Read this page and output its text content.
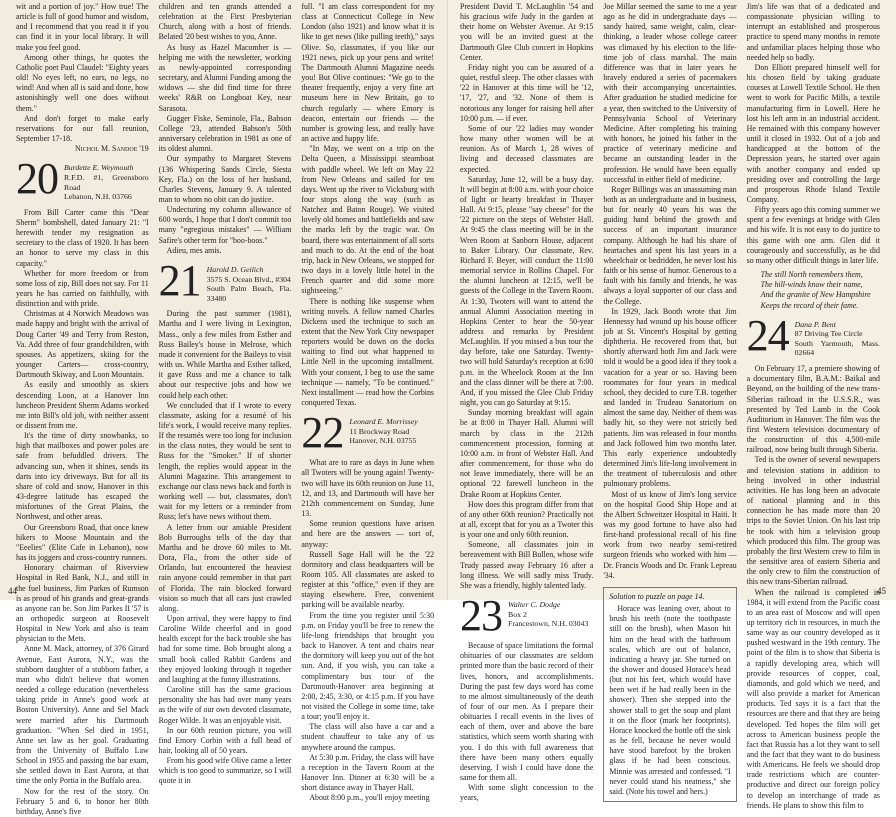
wit and a portion of joy." How true! The article is full of good humor and wisdom, and I recommend that you read it if you can find it in your local library. It will make you feel good.

Among other things, he quotes the Catholic poet Paul Claudel: "Eighty years old! No eyes left, no ears, no legs, no wind! And when all is said and done, how astonishingly well one does without them."

And don't forget to make early reservations for our fall reunion, September 17-18.

Nichol M. Sandoe '19
20 Burdette E. Weymouth
R.F.D. #1, Greensboro Road
Lebanon, N.H. 03766

From Bill Carter came this "Dear Sherm" bombshell, dated January 21: "I herewith tender my resignation as secretary to the class of 1920. It has been an honor to serve my class in this capacity."

Whether for more freedom or from some loss of zip, Bill does not say. For 11 years he has carried on faithfully, with distinction and with pride.

Christmas at 4 Norwich Meadows was made happy and bright with the arrival of Doug Carter '49 and Terry from Reston, Va. Add three of four grandchildren, with spouses. As appetizers, skiing for the younger Carters— cross-country, Dartmouth Skiway, and Loon Mountain.

As easily and smoothly as skiers descending Loon, at a Hanover Inn luncheon President Sherm Adams worked me into Bill's old job, with neither assent or dissent from me.

It's the time of dirty snowbanks, so high that mailboxes and power poles are safe from befuddled drivers. The advancing sun, when it shines, sends its darts into icy driveways. But for all its share of cold and snow, Hanover in this 43-degree latitude has escaped the misfortunes of the Great Plains, the Northwest, and other areas.

Our Greensboro Road, that once knew hikers to Moose Mountain and the "Eeelies" (Elite Cafe in Lebanon), now has its joggers and cross-country runners.

Honorary chairman of Riverview Hospital in Red Bank, N.J., and still in the fuel business, Jim Parkes of Rumson is as proud of his grands and great-grands as anyone can be. Son Jim Parkes II '57 is an orthopedic surgeon at Roosevelt Hospital in New York and also is team physician to the Mets.

Anne M. Mack, attorney, of 376 Girard Avenue, East Aurora, N.Y., was the stubborn daughter of a stubborn father, a man who didn't believe that women needed a college education (nevertheless taking pride in Anne's good work at Boston University). Anne and Sel Mack were married after his Dartmouth graduation. "When Sel died in 1951, Anne set law as her goal. Graduating from the University of Buffalo Law School in 1955 and passing the bar exam, she settled down in East Aurora, at that time the only Portia in the Buffalo area.

Now for the rest of the story. On February 5 and 6, to honor her 80th birthday, Anne's five

children and ten grands attended a celebration at the First Presbyterian Church, along with a host of friends. Belated '20 best wishes to you, Anne.

As busy as Hazel Macomber is — helping me with the newsletter, working as newly-appointed corresponding secretary, and Alumni Funding among the widows — she did find time for three weeks' R&R on Longboat Key, near Sarasota.

Gugger Fiske, Seminole, Fla., Babson College '23, attended Babson's 50th anniversary celebration in 1981 as one of its oldest alumni.

Our sympathy to Margaret Stevens (136 Whispering Sands Circle, Siesta Key, Fla.) on the loss of her husband, Charles Stevens, January 9. A talented man to whom no obit can do justice.

Undecturing my column allowance of 600 words, I hope that I don't commit too many "egregious mistakes" — William Safire's other term for "boo-boos."

Adieu, mes amis.

21 Harold D. Geilich
3575 S. Ocean Blvd., #304
South Palm Beach, Fla. 33480

During the past summer (1981), Martha and I were living in Lexington, Mass., only a few miles from Esther and Russ Bailey's house in Melrose, which made it convenient for the Baileys to visit with us. While Martha and Esther talked, it gave Russ and me a chance to talk about our respective jobs and how we could help each other.

We concluded that if I wrote to every classmate, asking for a resumé of his life's work, I would receive many replies. If the resumés were too long for inclusion in the class notes, they would be sent to Russ for the "Smoker." If of shorter length, the replies would appear in the Alumni Magazine. This arrangement to exchange our class news back and forth is working well — but, classmates, don't wait for my letters or a reminder from Russ; let's have news without them.

A letter from our amiable President Bob Burroughs tells of the day that Martha and he drove 60 miles to Mt. Dora, Fla., from the other side of Orlando, but encountered the heaviest rain anyone could remember in that part of Florida. The rain blocked forward vision so much that all cars just crawled along.

Upon arrival, they were happy to find Caroline Wilde cheerful and in good health except for the back trouble she has had for some time. Bob brought along a small book called Rabbit Gardens and they enjoyed looking through it together and laughing at the funny illustrations.

Caroline still has the same gracious personality she has had over many years as the wife of our own devoted classmate, Roger Wilde. It was an enjoyable visit.

In our 60th reunion picture, you will find Emory Corbin with a full head of hair, looking all of 50 years.

From his good wife Olive came a letter which is too good to summarize, so I will quote it in

full. "I am class correspondent for my class at Connecticut College in New London (also 1921) and know what it is like to get news (like pulling teeth)," says Olive. So, classmates, if you like our 1921 news, pick up your pens and write! The Dartmouth Alumni Magazine needs you! But Olive continues: "We go to the theater frequently, enjoy a very fine art museum here in New Britain, go to church regularly — where Emory is deacon, entertain our friends — the number is growing less, and really have an active and happy life.

"In May, we went on a trip on the Delta Queen, a Mississippi steamboat with paddle wheel. We left on May 22 from New Orleans and sailed for ten days. Went up the river to Vicksburg with four stops along the way (such as Natchez and Baton Rouge). We visited lovely old homes and battlefields and saw the marks left by the tragic war. On board, there was entertainment of all sorts and much to do. At the end of the boat trip, back in New Orleans, we stopped for two days in a lovely little hotel in the French quarter and did some more sightseeing."

There is nothing like suspense when writing novels. A fellow named Charles Dickens used the technique to such an extent that the New York City newspaper reporters would be down on the docks waiting to find out what happened to Little Nell in the upcoming installment. With your consent, I beg to use the same technique — namely, "To be continued." Next installment — read how the Corbins conquered Texas.

22 Leonard E. Morrissey
11 Brockway Road
Hanover, N.H. 03755

What are to rare as days in June when all Twoters will be young again! Twenty-two will have its 60th reunion on June 11, 12, and 13, and Dartmouth will have her 212th commencement on Sunday, June 13.

Some reunion questions have arisen and here are the answers — sort of, anyway:

Russell Sage Hall will be the '22 dormitory and class headquarters will be Room 105. All classmates are asked to register at this "office," even if they are staying elsewhere. Free, convenient parking will be available nearby.

From the time you register until 5:30 p.m. on Friday you'll be free to renew the life-long friendships that brought you back to Hanover. A tent and chairs near the dormitory will keep you out of the hot sun. And, if you wish, you can take a complimentary bus tour of the Dartmouth-Hanover area beginning at 2:00, 2:45, 3:30, or 4:15 p.m. If you have not visited the College in some time, take a tour; you'll enjoy it.

The class will also have a car and a student chauffeur to take any of us anywhere around the campus.

At 5:30 p.m. Friday, the class will have a reception in the Tavern Room at the Hanover Inn. Dinner at 6:30 will be a short distance away in Thayer Hall.

About 8:00 p.m., you'll enjoy meeting

44

President David T. McLaughlin '54 and his gracious wife Judy in the garden at their home on Webster Avenue. At 9:15 you will be an invited guest at the Dartmouth Glee Club concert in Hopkins Center.

Friday night you can be assured of a quiet, restful sleep. The other classes with '22 in Hanover at this time will be '12, '17, '27, and '32. None of them is notorious any longer for raising hell after 10:00 p.m. — if ever.

Some of our '22 ladies may wonder how many other women will be at reunion. As of March 1, 28 wives of living and deceased classmates are expected.

Saturday, June 12, will be a busy day. It will begin at 8:00 a.m. with your choice of light or hearty breakfast in Thayer Hall. At 9:15, please "say cheese" for the '22 picture on the steps of Webster Hall. At 9:45 the class meeting will be in the Wren Room at Sanborn House, adjacent to Baker Library. Our classmate, Rev. Richard F. Beyer, will conduct the 11:00 memorial service in Rollins Chapel. For the alumni luncheon at 12:15, we'll be guests of the College in the Tavern Room. At 1:30, Twoters will want to attend the annual Alumni Association meeting in Hopkins Center to hear the 50-year address and remarks by President McLaughlin. If you missed a bus tour the day before, take one Saturday. Twenty-two will hold Saturday's reception at 6:00 p.m. in the Wheelock Room at the Inn and the class dinner will be there at 7:00. And, if you missed the Glee Club Friday night, you can go Saturday at 9:15.

Sunday morning breakfast will again be at 8:00 in Thayer Hall. Alumni will march by class in the 212th commencement procession, forming at 10:00 a.m. in front of Webster Hall. And after commencement, for those who do not leave immediately, there will be an optional '22 farewell luncheon in the Drake Room at Hopkins Center.

How does this program differ from that of any other 60th reunion? Practically not at all, except that for you as a Twoter this is your one and only 60th reunion.

Someone, all classmates join in bereavement with Bill Bullen, whose wife Trudy passed away February 16 after a long illness. We will sadly miss Trudy. She was a friendly, highly talented lady.

23 Walter C. Dodge
Box 2
Francestown, N.H. 03043

Because of space limitations the formal obituaries of our classmates are seldom printed more than the basic record of their lives, honors, and accomplishments. During the past few days word has come to me almost simultaneously of the death of four of our men. As I prepare their obituaries I recall events in the lives of each of them, over and above the bare statistics, which seem worth sharing with you. I do this with full awareness that there have been many others equally deserving. I wish I could have done the same for them all.

With some slight concession to the years,

Joe Millar seemed the same to me a year ago as he did in undergraduate days — sandy haired, same weight, calm, clear-thinking, a leader whose college career was climaxed by his election to the life-time job of class marshal. The main difference was that in later years he bravely endured a series of pacemakers with their accompanying uncertainties. After graduation he studied medicine for a year, then switched to the University of Pennsylvania School of Veterinary Medicine. After completing his training with honors, he joined his father in the practice of veterinary medicine and became an outstanding leader in the profession. He would have been equally successful in either field of medicine.

Roger Billings was an unassuming man both as an undergraduate and in business, but for nearly 40 years his was the guiding hand behind the growth and success of an important insurance company. Although he had his share of heartaches and spent his last years in a wheelchair or bedridden, he never lost his faith or his sense of humor. Generous to a fault with his family and friends, he was always a loyal supporter of our class and the College.

In 1929, Jack Booth wrote that Jim Hennessy had wound up his house officer job at St. Vincent's Hospital by getting diphtheria. He recovered from that, but shortly afterward both Jim and Jack were told it would be a good idea if they took a vacation for a year or so. Having been roommates for four years in medical school, they decided to cure T.B. together and landed in Trudeau Sanatorium on almost the same day. Neither of them was badly hit, so they were not strictly bed patients. Jim was released in four months and Jack followed him two months later. This early experience undoubtedly determined Jim's life-long involvement in the treatment of tuberculosis and other pulmonary problems.

Most of us know of Jim's long service on the hospital Good Ship Hope and at the Albert Schweitzer Hospital in Haiti. It was my good fortune to have also had first-hand professional recall of his fine work from two nearby semi-retired surgeon friends who worked with him — Dr. Francis Woods and Dr. Frank Lepreau '34.

Solution to puzzle on page 14.

Horace was leaning over, about to brush his teeth (note the toothpaste still on the brush), when Mason hit him on the head with the bathroom scales, which are out of balance, indicating a heavy jar. She turned on the shower and doused Horace's head (but not his feet, which would have been wet if he had really been in the shower). Then she stepped into the shower stall to get the soap and plant it on the floor (mark her footprints). Horace knocked the bottle off the sink as he fell, because he never would have stood barefoot by the broken glass if he had been conscious. Minnie was arrested and confessed. "I never could stand his neatness," she said. (Note his towel and hers.)

Jim's life was that of a dedicated and compassionate physician willing to interrupt an established and prosperous practice to spend many months in remote and unfamiliar places helping those who needed help so badly.

Don Elliott prepared himself well for his chosen field by taking graduate courses at Lowell Textile School. He then went to work for Pacific Mills, a textile manufacturing firm in Lowell. Here he lost his left arm in an industrial accident. He remained with this company however until it closed in 1932. Out of a job and handicapped at the bottom of the Depression years, he started over again with another company and ended up presiding over and controlling the large and prosperous Rhode Island Textile Company.

Fifty years ago this coming summer we spent a few evenings at bridge with Glen and his wife. It is not easy to do justice to this game with one arm. Glen did it courageously and successfully, as he did so many other difficult things in later life.

The still North remembers them,
The hill-winds know their name,
And the granite of New Hampshire
Keeps the record of their fame.
24 Dana P. Bent
87 Driving Tee Circle
South Yarmouth, Mass. 02664

On February 17, a premiere showing of a documentary film, B.A.M.: Baikal and Beyond, on the building of the new trans-Siberian railroad in the U.S.S.R., was presented by Ted Lamb in the Cook Auditorium in Hanover. The film was the first Western television documentary of the construction of this 4,500-mile railroad, now being built through Siberia.

Ted is the owner of several newspapers and television stations in addition to being involved in other industrial activities. He has long been an advocate of national planning and in this connection he has made more than 20 trips to the Soviet Union. On his last trip he took with him a television group which produced this film. The group was probably the first Western crew to film in the sensitive area of eastern Siberia and the only crew to film the construction of this new trans-Siberian railroad.

When the railroad is completed in 1984, it will extend from the Pacific coast to an area east of Moscow and will open up territory rich in resources, in much the same way as our country developed as it pushed westward in the 19th century. The point of the film is to show that Siberia is a rapidly developing area, which will provide resources of copper, coal, diamonds, and gold which we need, and will also provide a market for American products. Ted says it is a fact that the resources are there and that they are being developed. Ted hopes the film will get across to American business people the fact that Russia has a lot they want to sell and the fact that they want to do business with Americans. He feels we should drop trade restrictions which are counter-productive and direct our foreign policy to develop an interchange of trade as friends. He plans to show this film to

45
